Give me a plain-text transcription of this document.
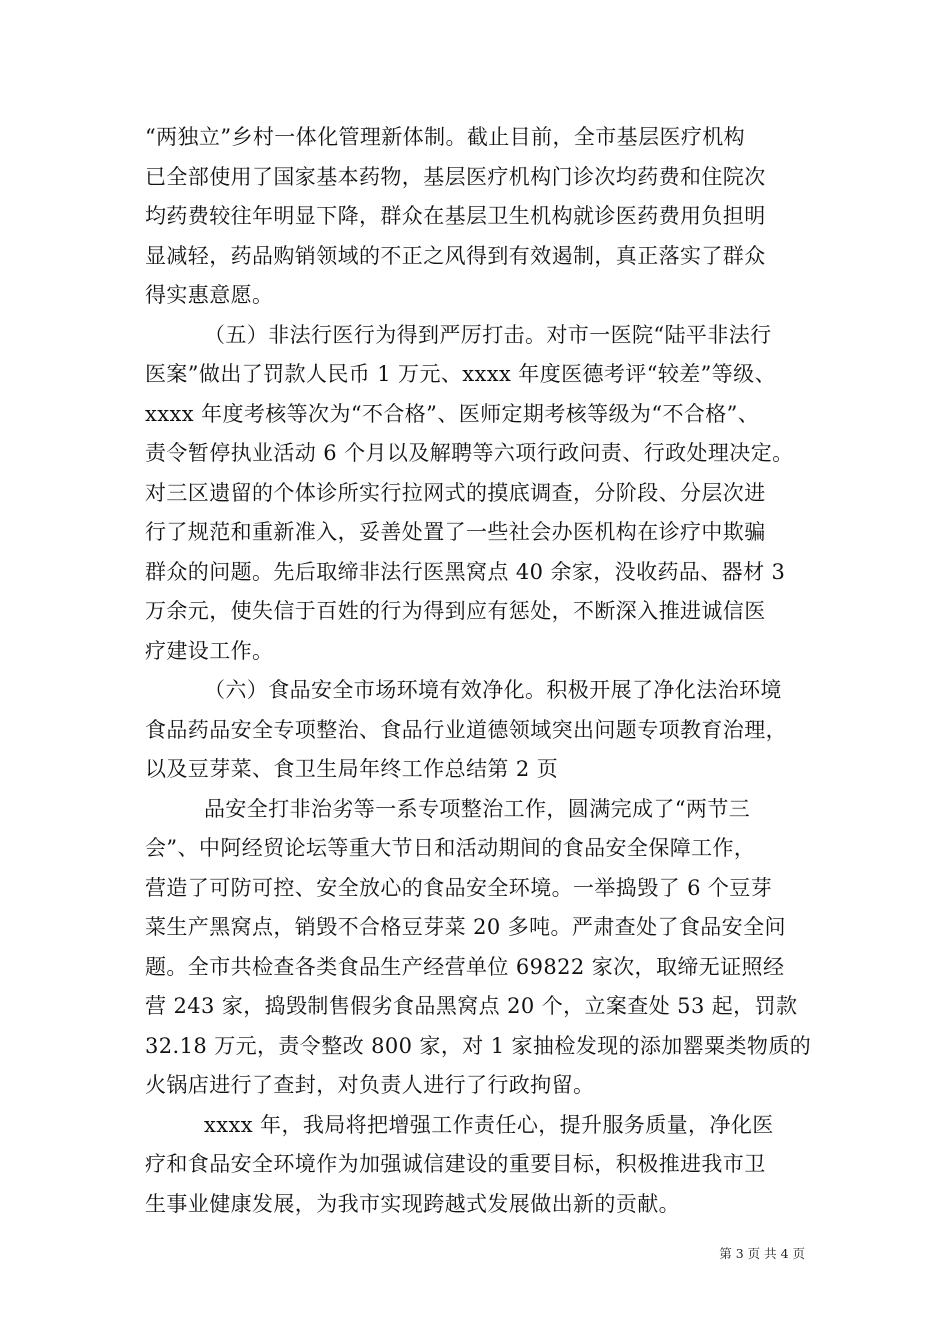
“两独立”乡村一体化管理新体制。截止目前，全市基层医疗机构
已全部使用了国家基本药物，基层医疗机构门诊次均药费和住院次
均药费较往年明显下降，群众在基层卫生机构就诊医药费用负担明
显减轻，药品购销领域的不正之风得到有效遏制，真正落实了群众
得实惠意愿。
（五）非法行医行为得到严厉打击。对市一医院“陆平非法行
医案”做出了罚款人民币 1 万元、xxxx 年度医德考评“较差”等级、
xxxx 年度考核等次为“不合格”、医师定期考核等级为“不合格”、
责令暂停执业活动 6 个月以及解聘等六项行政问责、行政处理决定。
对三区遗留的个体诊所实行拉网式的摸底调查，分阶段、分层次进
行了规范和重新准入，妥善处置了一些社会办医机构在诊疗中欺骗
群众的问题。先后取缔非法行医黑窝点 40 余家，没收药品、器材 3
万余元，使失信于百姓的行为得到应有惩处，不断深入推进诚信医
疗建设工作。
（六）食品安全市场环境有效净化。积极开展了净化法治环境
食品药品安全专项整治、食品行业道德领域突出问题专项教育治理，
以及豆芽菜、食卫生局年终工作总结第 2 页
品安全打非治劣等一系专项整治工作，圆满完成了“两节三
会”、中阿经贸论坛等重大节日和活动期间的食品安全保障工作，
营造了可防可控、安全放心的食品安全环境。一举捣毁了 6 个豆芽
菜生产黑窝点，销毁不合格豆芽菜 20 多吨。严肃查处了食品安全问
题。全市共检查各类食品生产经营单位 69822 家次，取缔无证照经
营 243 家，捣毁制售假劣食品黑窝点 20 个，立案查处 53 起，罚款
32.18 万元，责令整改 800 家，对 1 家抽检发现的添加罂粟类物质的
火锅店进行了查封，对负责人进行了行政拘留。
xxxx 年，我局将把增强工作责任心，提升服务质量，净化医
疗和食品安全环境作为加强诚信建设的重要目标，积极推进我市卫
生事业健康发展，为我市实现跨越式发展做出新的贡献。
第 3 页 共 4 页
